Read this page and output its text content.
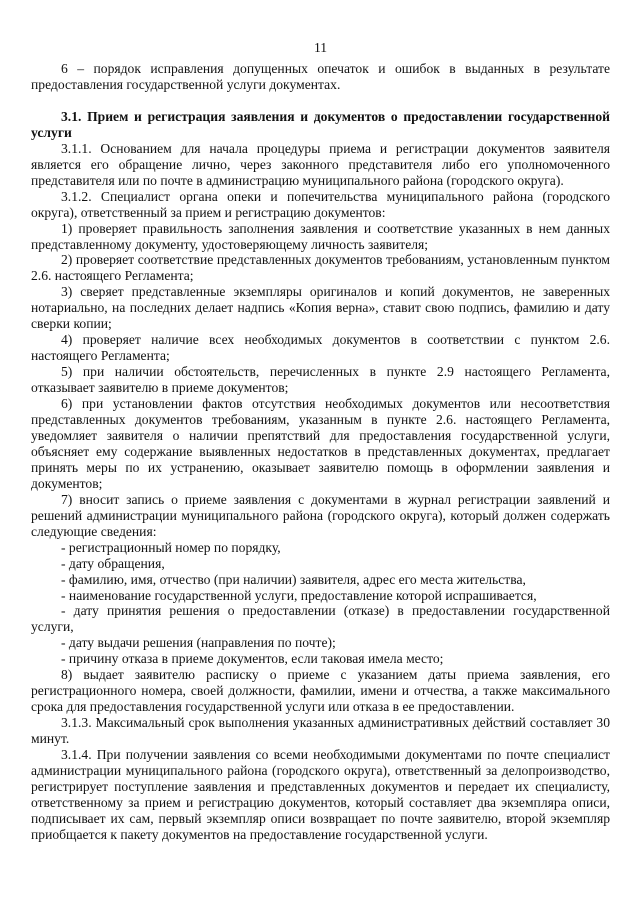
11

6 – порядок исправления допущенных опечаток и ошибок в выданных в результате предоставления государственной услуги документах.

3.1. Прием и регистрация заявления и документов о предоставлении государственной услуги

3.1.1. Основанием для начала процедуры приема и регистрации документов заявителя является его обращение лично, через законного представителя либо его уполномоченного представителя или по почте в администрацию муниципального района (городского округа).

3.1.2. Специалист органа опеки и попечительства муниципального района (городского округа), ответственный за прием и регистрацию документов:

1) проверяет правильность заполнения заявления и соответствие указанных в нем данных представленному документу, удостоверяющему личность заявителя;

2) проверяет соответствие представленных документов требованиям, установленным пунктом 2.6. настоящего Регламента;

3) сверяет представленные экземпляры оригиналов и копий документов, не заверенных нотариально, на последних делает надпись «Копия верна», ставит свою подпись, фамилию и дату сверки копии;

4) проверяет наличие всех необходимых документов в соответствии с пунктом 2.6. настоящего Регламента;

5) при наличии обстоятельств, перечисленных в пункте 2.9 настоящего Регламента, отказывает заявителю в приеме документов;

6) при установлении фактов отсутствия необходимых документов или несоответствия представленных документов требованиям, указанным в пункте 2.6. настоящего Регламента, уведомляет заявителя о наличии препятствий для предоставления государственной услуги, объясняет ему содержание выявленных недостатков в представленных документах, предлагает принять меры по их устранению, оказывает заявителю помощь в оформлении заявления и документов;

7) вносит запись о приеме заявления с документами в журнал регистрации заявлений и решений администрации муниципального района (городского округа), который должен содержать следующие сведения:

- регистрационный номер по порядку,

- дату обращения,

- фамилию, имя, отчество (при наличии) заявителя, адрес его места жительства,

- наименование государственной услуги, предоставление которой испрашивается,

- дату принятия решения о предоставлении (отказе) в предоставлении государственной услуги,

- дату выдачи решения (направления по почте);

- причину отказа в приеме документов, если таковая имела место;

8) выдает заявителю расписку о приеме с указанием даты приема заявления, его регистрационного номера, своей должности, фамилии, имени и отчества, а также максимального срока для предоставления государственной услуги или отказа в ее предоставлении.

3.1.3. Максимальный срок выполнения указанных административных действий составляет 30 минут.

3.1.4. При получении заявления со всеми необходимыми документами по почте специалист администрации муниципального района (городского округа), ответственный за делопроизводство, регистрирует поступление заявления и представленных документов и передает их специалисту, ответственному за прием и регистрацию документов, который составляет два экземпляра описи, подписывает их сам, первый экземпляр описи возвращает по почте заявителю, второй экземпляр приобщается к пакету документов на предоставление государственной услуги.
